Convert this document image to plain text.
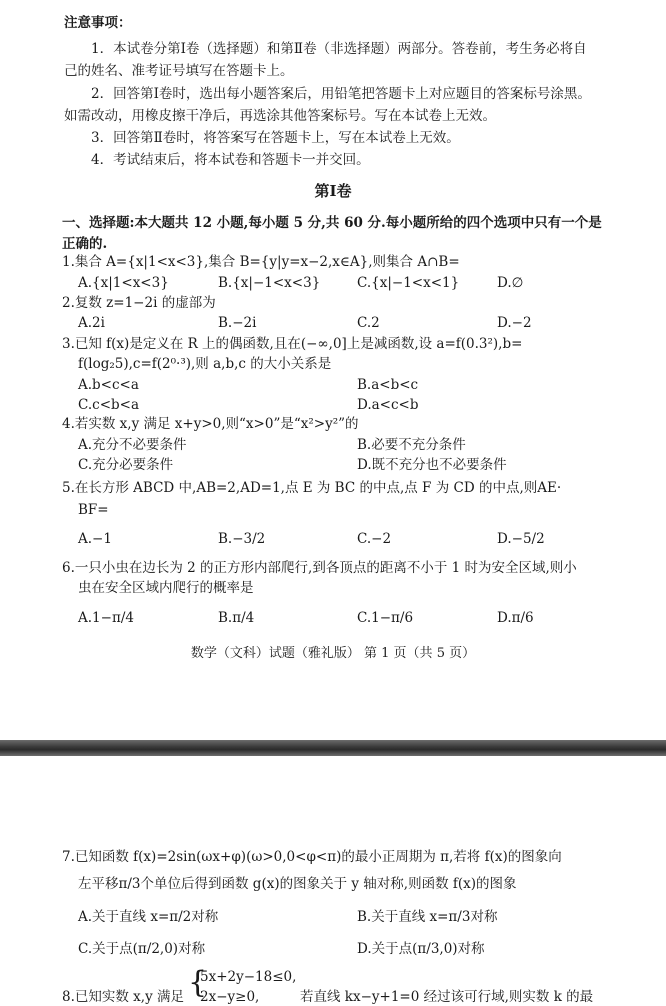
注意事项：
1．本试卷分第Ⅰ卷（选择题）和第Ⅱ卷（非选择题）两部分。答卷前，考生务必将自
己的姓名、准考证号填写在答题卡上。
2．回答第Ⅰ卷时，选出每小题答案后，用铅笔把答题卡上对应题目的答案标号涂黑。
如需改动，用橡皮擦干净后，再选涂其他答案标号。写在本试卷上无效。
3．回答第Ⅱ卷时，将答案写在答题卡上，写在本试卷上无效。
4．考试结束后，将本试卷和答题卡一并交回。
第Ⅰ卷
一、选择题:本大题共 12 小题,每小题 5 分,共 60 分.每小题所给的四个选项中只有一个是
正确的.
1.集合 A={x|1<x<3},集合 B={y|y=x−2,x∈A},则集合 A∩B=
A.{x|1<x<3}	B.{x|−1<x<3}	C.{x|−1<x<1}	D.∅
2.复数 z=1−2i 的虚部为
A.2i	B.−2i	C.2	D.−2
3.已知 f(x)是定义在 R 上的偶函数,且在(−∞,0]上是减函数,设 a=f(0.3²),b=
f(log₂5),c=f(2⁰·³),则 a,b,c 的大小关系是
A.b<c<a	B.a<b<c
C.c<b<a	D.a<c<b
4.若实数 x,y 满足 x+y>0,则“x>0”是“x²>y²”的
A.充分不必要条件	B.必要不充分条件
C.充分必要条件	D.既不充分也不必要条件
5.在长方形 ABCD 中,AB=2,AD=1,点 E 为 BC 的中点,点 F 为 CD 的中点,则AE·
BF=
A.−1	B.−3/2	C.−2	D.−5/2
6.一只小虫在边长为 2 的正方形内部爬行,到各顶点的距离不小于 1 时为安全区域,则小
虫在安全区域内爬行的概率是
A.1−π/4	B.π/4	C.1−π/6	D.π/6
数学（文科）试题（雅礼版） 第 1 页（共 5 页）
7.已知函数 f(x)=2sin(ωx+φ)(ω>0,0<φ<π)的最小正周期为 π,若将 f(x)的图象向
左平移π/3个单位后得到函数 g(x)的图象关于 y 轴对称,则函数 f(x)的图象
A.关于直线 x=π/2对称	B.关于直线 x=π/3对称
C.关于点(π/2,0)对称	D.关于点(π/3,0)对称
8.已知实数 x,y 满足 {
5x+2y−18≤0,
2x−y≥0,	若直线 kx−y+1=0 经过该可行域,则实数 k 的最
